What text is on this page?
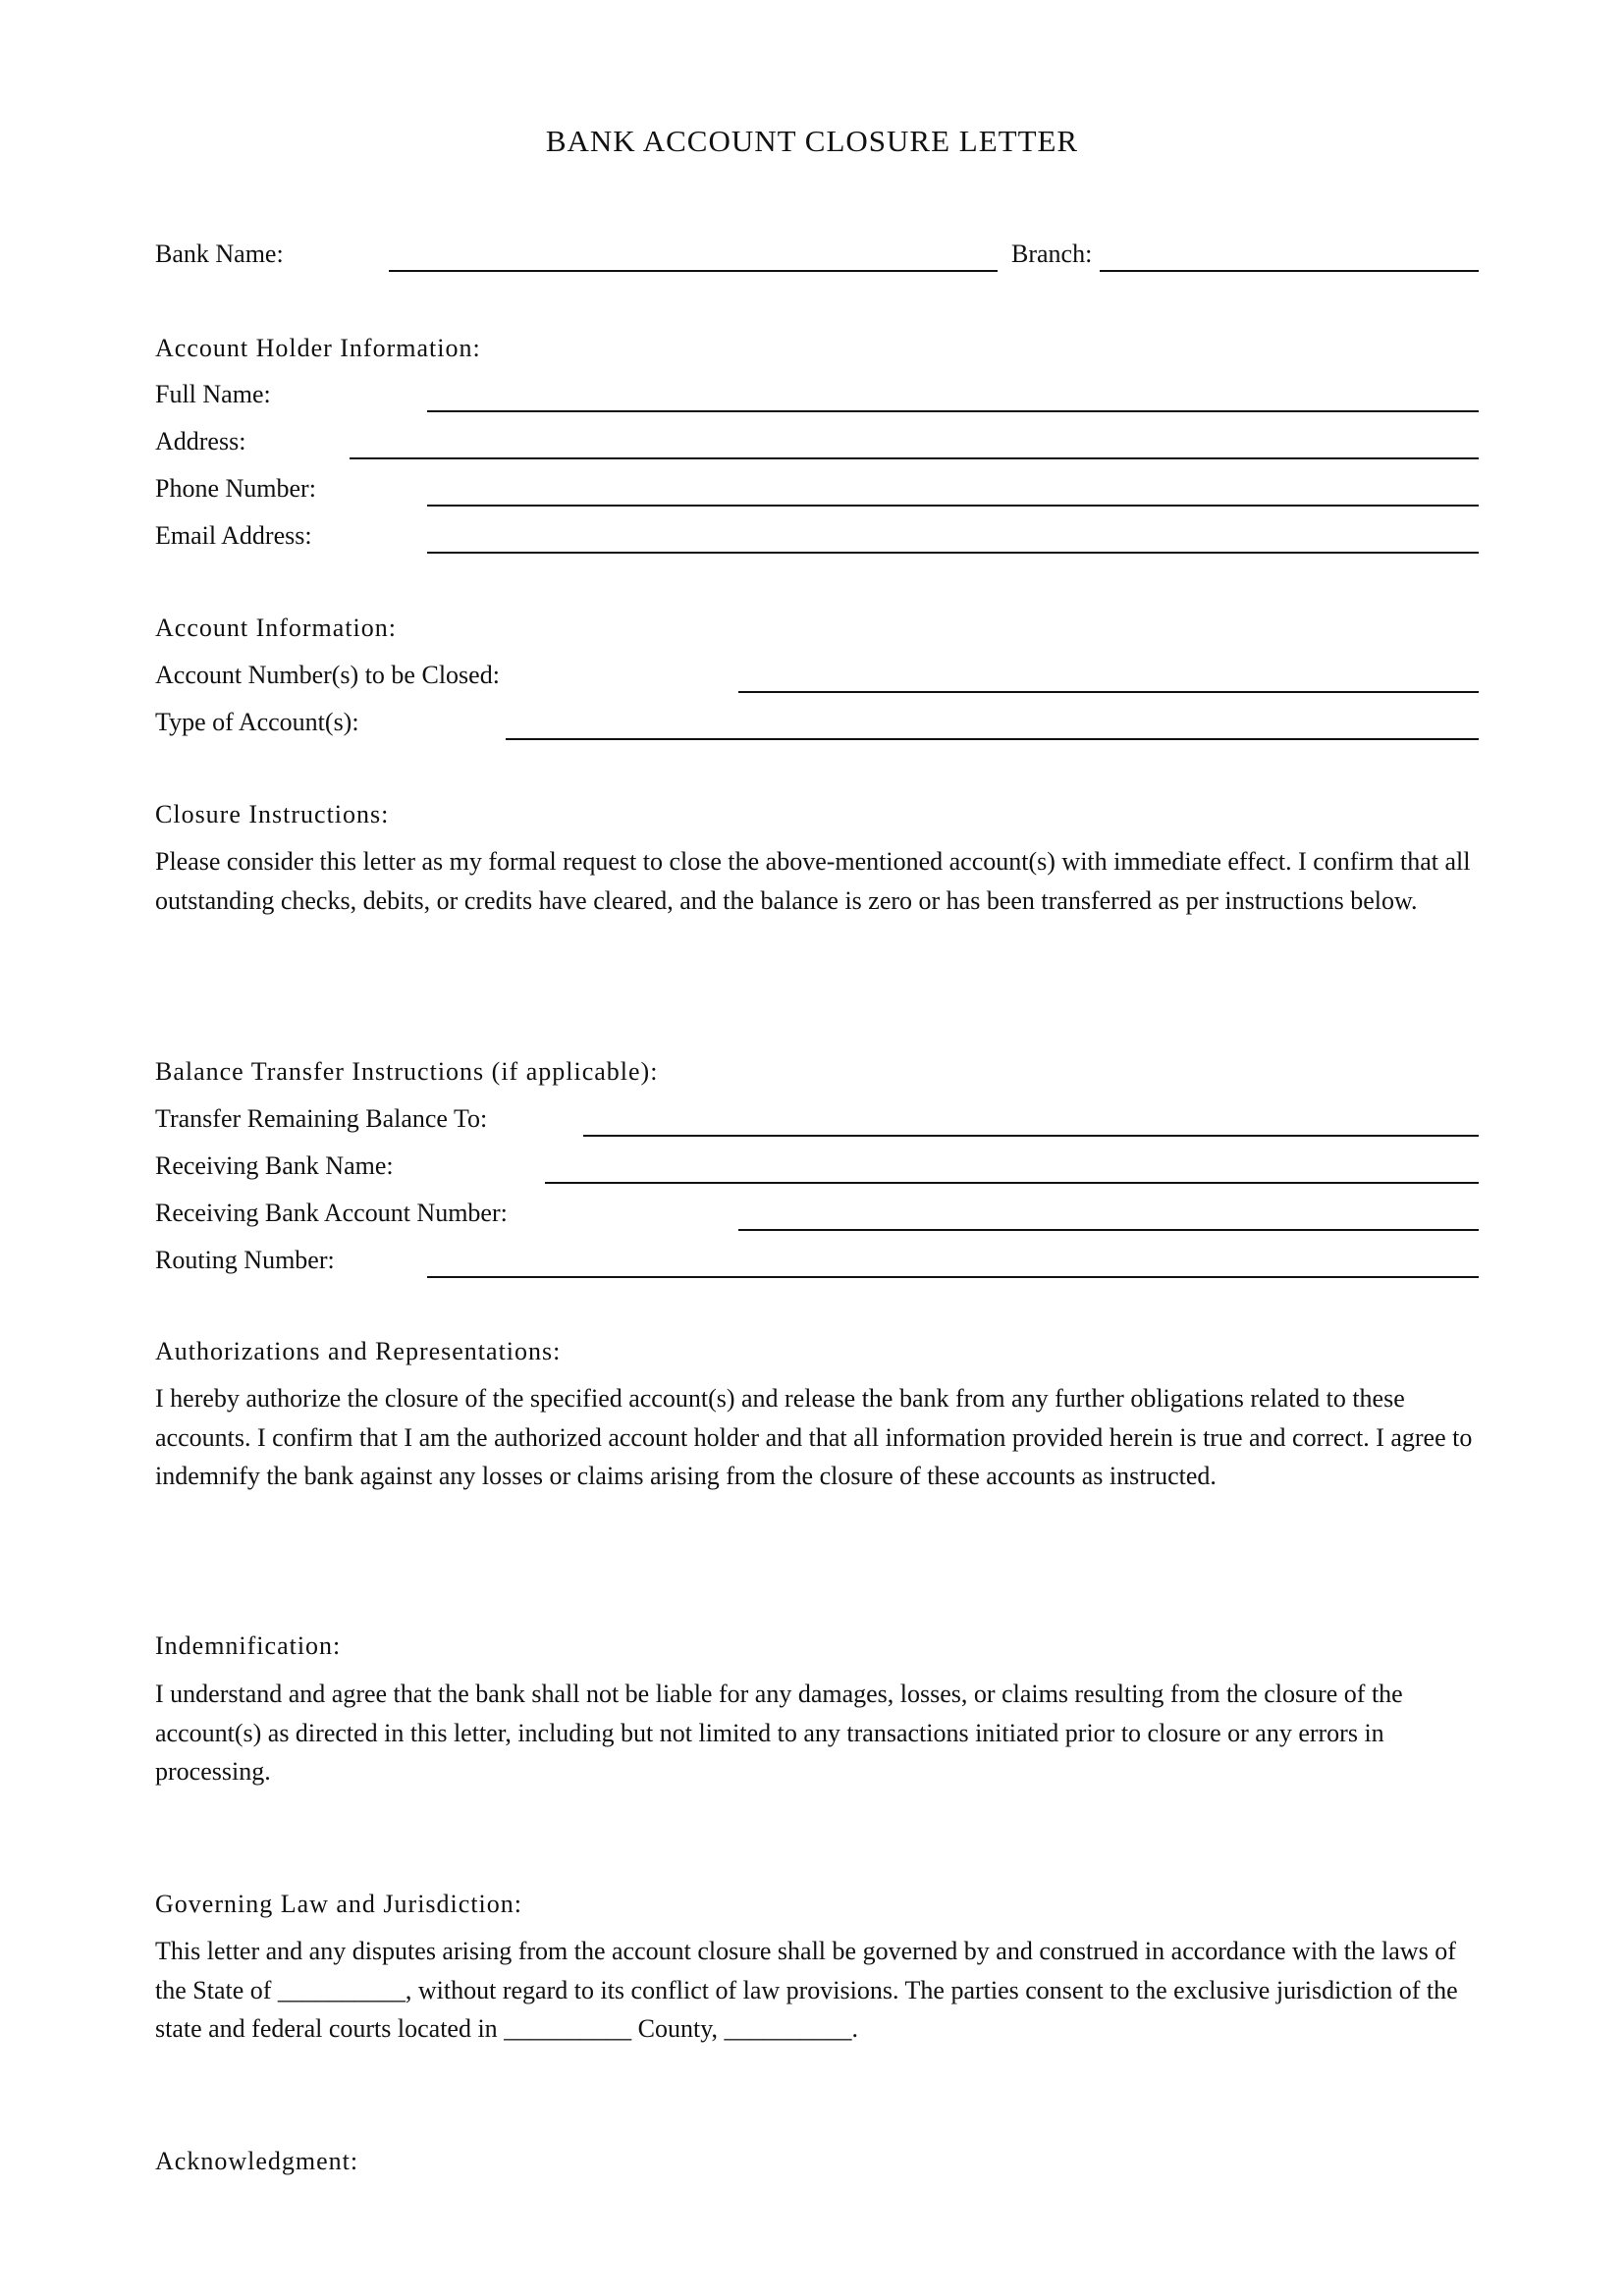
BANK ACCOUNT CLOSURE LETTER
Bank Name:	Branch:
Account Holder Information:
Full Name:
Address:
Phone Number:
Email Address:
Account Information:
Account Number(s) to be Closed:
Type of Account(s):
Closure Instructions:
Please consider this letter as my formal request to close the above-mentioned account(s) with immediate effect. I confirm that all outstanding checks, debits, or credits have cleared, and the balance is zero or has been transferred as per instructions below.
Balance Transfer Instructions (if applicable):
Transfer Remaining Balance To:
Receiving Bank Name:
Receiving Bank Account Number:
Routing Number:
Authorizations and Representations:
I hereby authorize the closure of the specified account(s) and release the bank from any further obligations related to these accounts. I confirm that I am the authorized account holder and that all information provided herein is true and correct. I agree to indemnify the bank against any losses or claims arising from the closure of these accounts as instructed.
Indemnification:
I understand and agree that the bank shall not be liable for any damages, losses, or claims resulting from the closure of the account(s) as directed in this letter, including but not limited to any transactions initiated prior to closure or any errors in processing.
Governing Law and Jurisdiction:
This letter and any disputes arising from the account closure shall be governed by and construed in accordance with the laws of the State of __________, without regard to its conflict of law provisions. The parties consent to the exclusive jurisdiction of the state and federal courts located in __________ County, __________.
Acknowledgment:
